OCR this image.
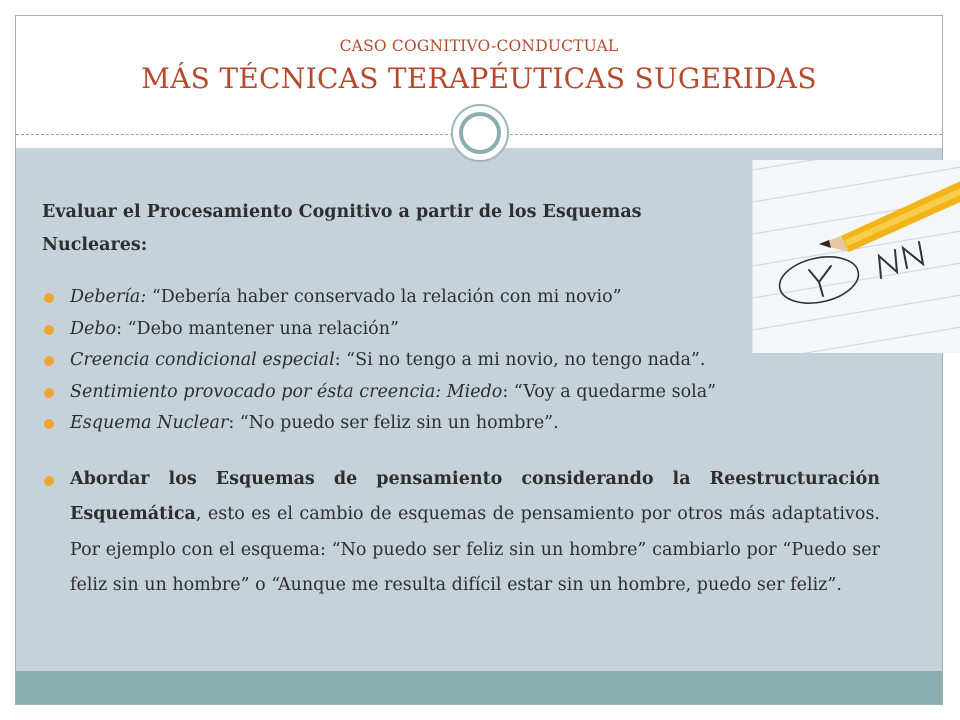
CASO COGNITIVO-CONDUCTUAL
MÁS TÉCNICAS TERAPÉUTICAS SUGERIDAS

Evaluar el Procesamiento Cognitivo a partir de los Esquemas
Nucleares:

Debería: “Debería haber conservado la relación con mi novio”
Debo: “Debo mantener una relación”
Creencia condicional especial: “Si no tengo a mi novio, no tengo nada”.
Sentimiento provocado por ésta creencia: Miedo: “Voy a quedarme sola”
Esquema Nuclear: “No puedo ser feliz sin un hombre”.
Abordar los Esquemas de pensamiento considerando la Reestructuración Esquemática, esto es el cambio de esquemas de pensamiento por otros más adaptativos. Por ejemplo con el esquema: “No puedo ser feliz sin un hombre” cambiarlo por “Puedo ser feliz sin un hombre” o “Aunque me resulta difícil estar sin un hombre, puedo ser feliz”.
